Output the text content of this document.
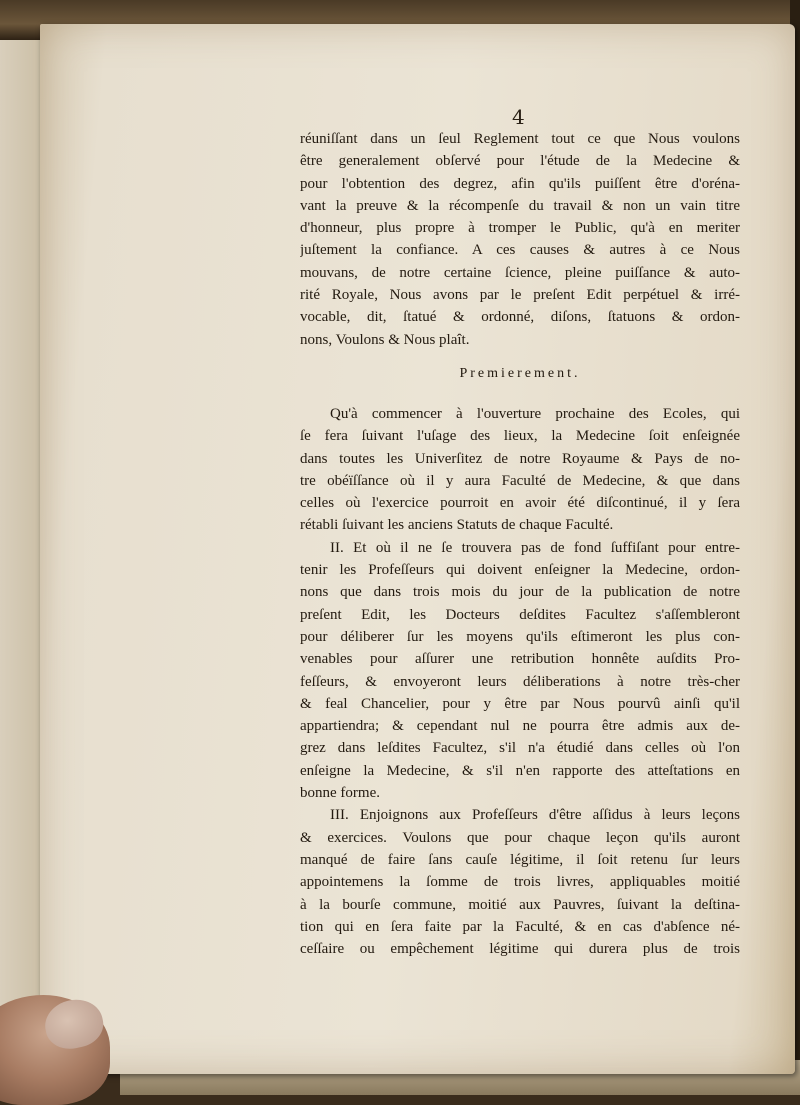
4
réuniſſant dans un ſeul Reglement tout ce que Nous voulons
être generalement obſervé pour l'étude de la Medecine &
pour l'obtention des degrez, afin qu'ils puiſſent être d'oréna-
vant la preuve & la récompenſe du travail & non un vain titre
d'honneur, plus propre à tromper le Public, qu'à en meriter
juſtement la confiance. A ces causes & autres à ce Nous
mouvans, de notre certaine ſcience, pleine puiſſance & auto-
rité Royale, Nous avons par le preſent Edit perpétuel & irré-
vocable, dit, ſtatué & ordonné, diſons, ſtatuons & ordon-
nons, Voulons & Nous plaît.
Premierement.
Qu'à commencer à l'ouverture prochaine des Ecoles, qui
ſe fera ſuivant l'uſage des lieux, la Medecine ſoit enſeignée
dans toutes les Univerſitez de notre Royaume & Pays de no-
tre obéïſſance où il y aura Faculté de Medecine, & que dans
celles où l'exercice pourroit en avoir été diſcontinué, il y ſera
rétabli ſuivant les anciens Statuts de chaque Faculté.
II. Et où il ne ſe trouvera pas de fond ſuffiſant pour entre-
tenir les Profeſſeurs qui doivent enſeigner la Medecine, ordon-
nons que dans trois mois du jour de la publication de notre
preſent Edit, les Docteurs deſdites Facultez s'aſſembleront
pour déliberer ſur les moyens qu'ils eſtimeront les plus con-
venables pour aſſurer une retribution honnête auſdits Pro-
feſſeurs, & envoyeront leurs déliberations à notre très-cher
& feal Chancelier, pour y être par Nous pourvû ainſi qu'il
appartiendra; & cependant nul ne pourra être admis aux de-
grez dans leſdites Facultez, s'il n'a étudié dans celles où l'on
enſeigne la Medecine, & s'il n'en rapporte des atteſtations en
bonne forme.
III. Enjoignons aux Profeſſeurs d'être aſſidus à leurs leçons
& exercices. Voulons que pour chaque leçon qu'ils auront
manqué de faire ſans cauſe légitime, il ſoit retenu ſur leurs
appointemens la ſomme de trois livres, appliquables moitié
à la bourſe commune, moitié aux Pauvres, ſuivant la deſtina-
tion qui en ſera faite par la Faculté, & en cas d'abſence né-
ceſſaire ou empêchement légitime qui durera plus de trois
